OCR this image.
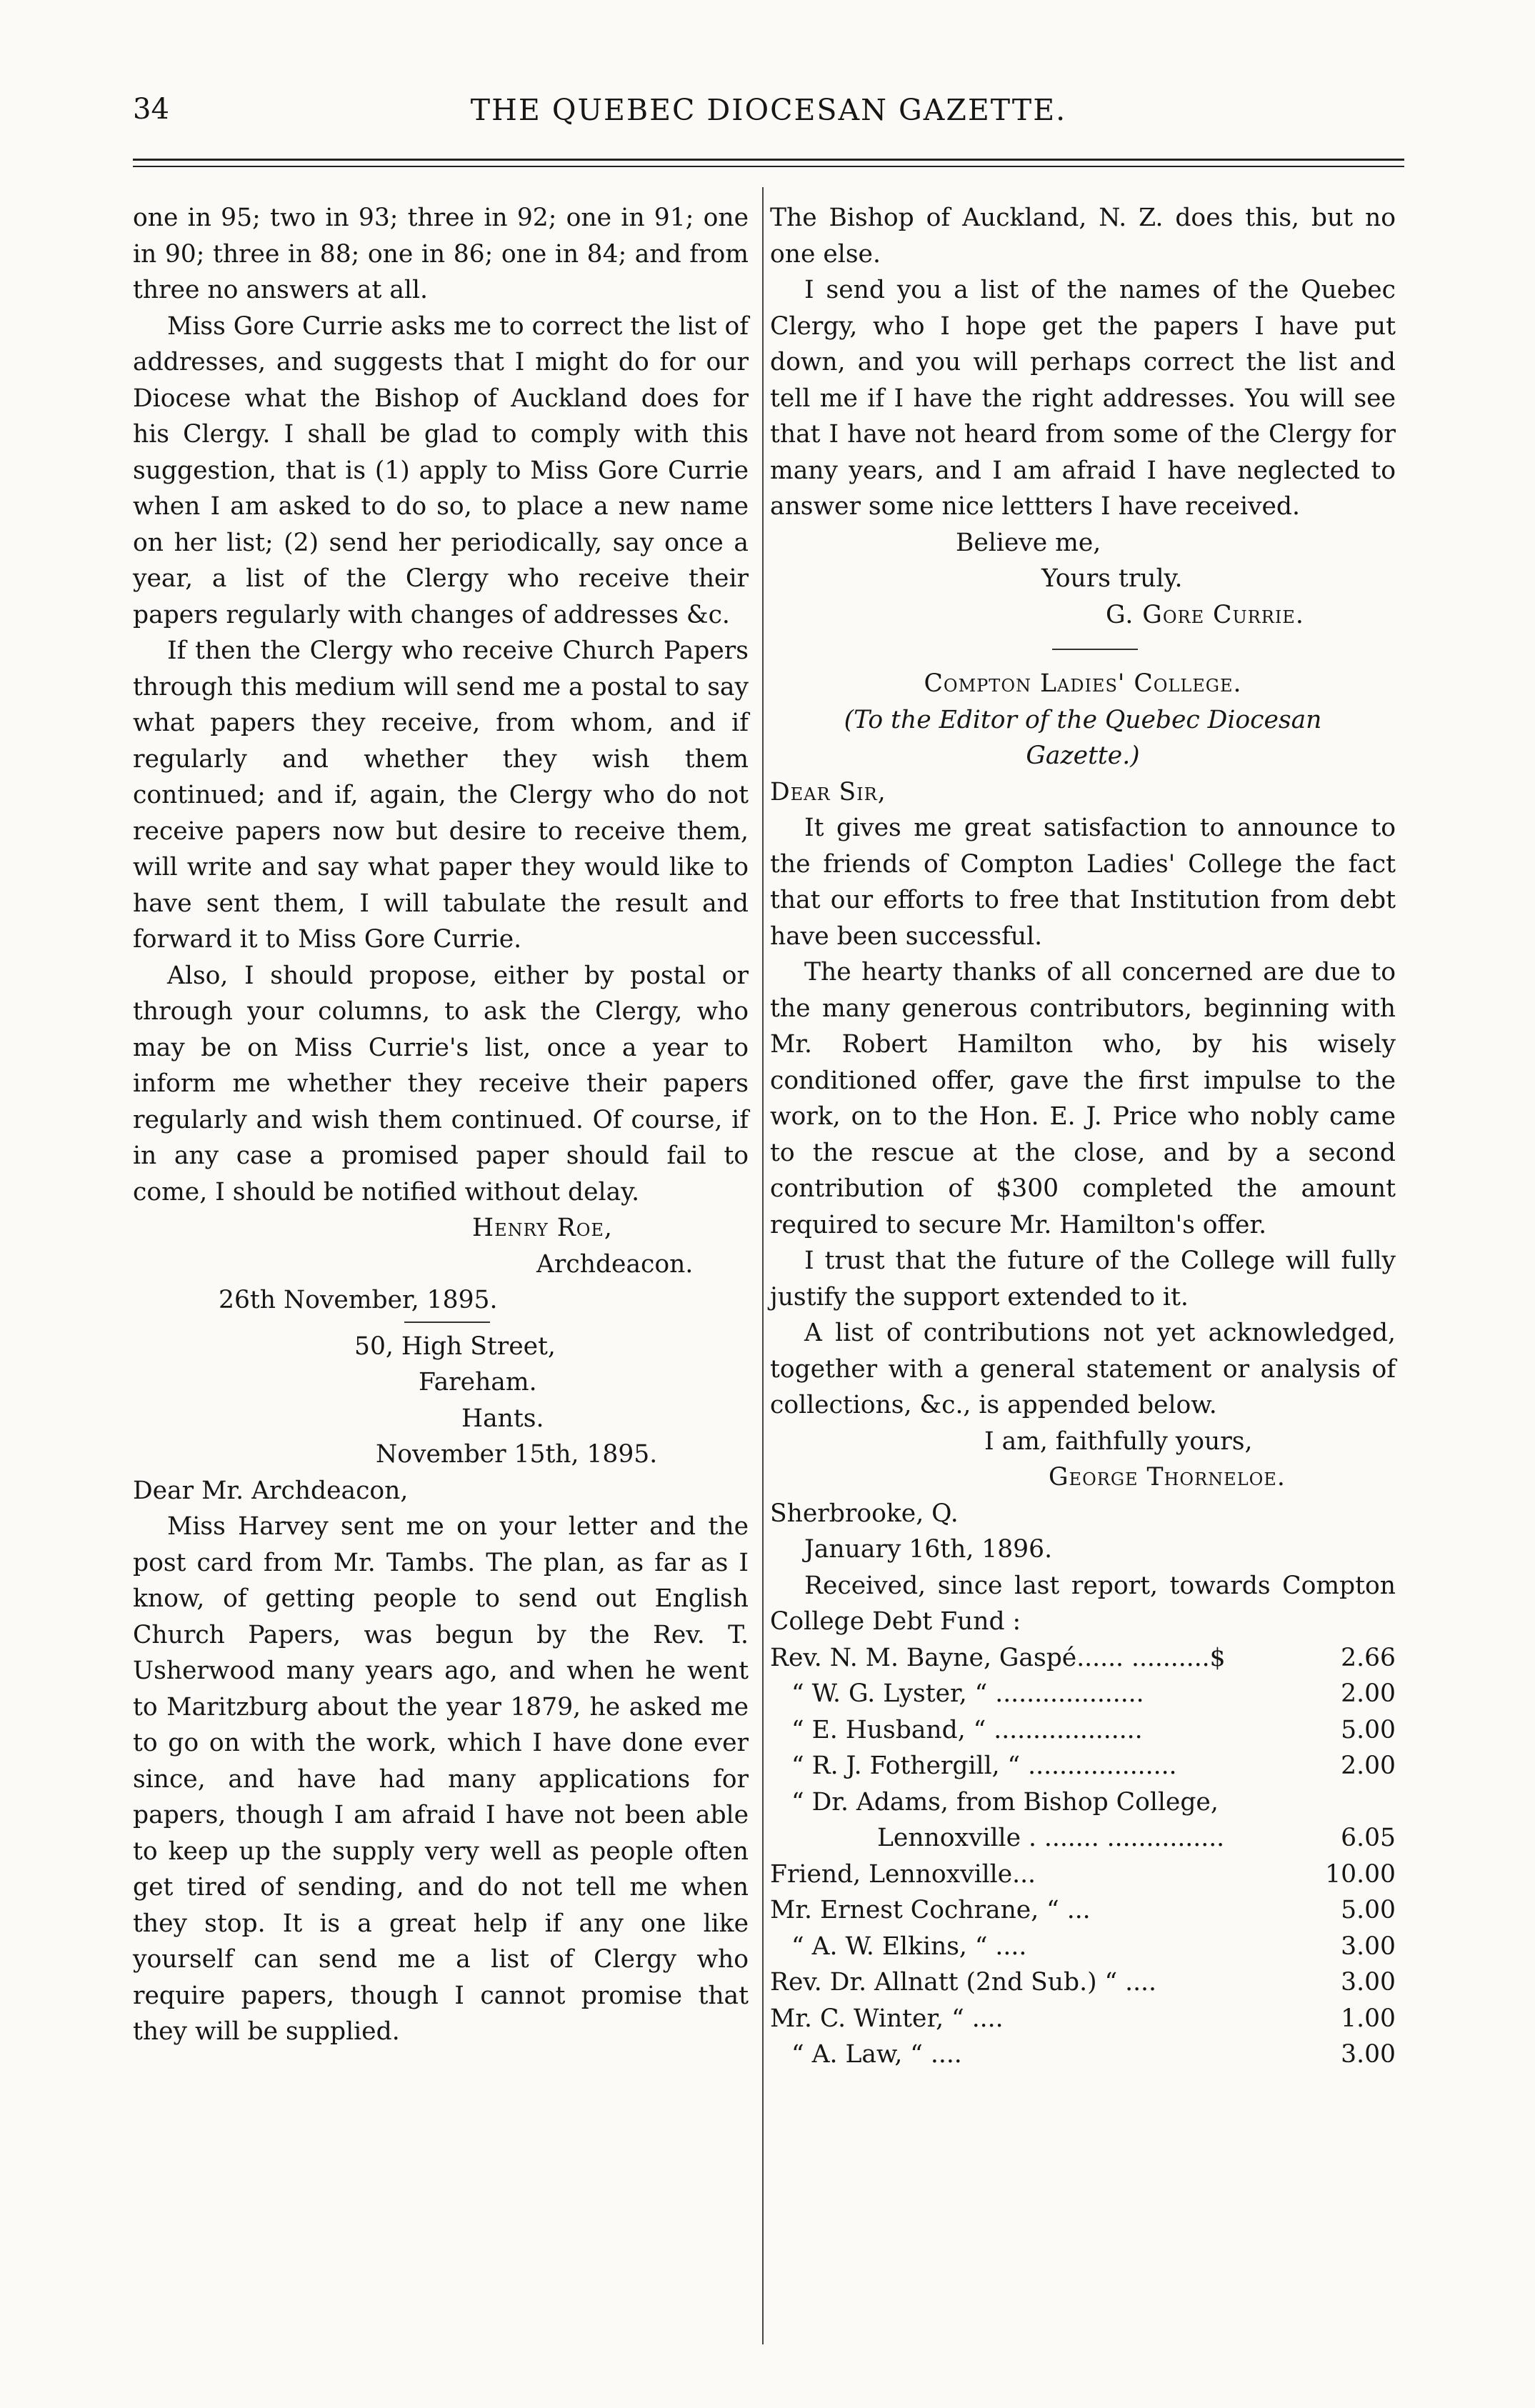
34	THE QUEBEC DIOCESAN GAZETTE.

one in 95; two in 93; three in 92; one in 91; one in 90; three in 88; one in 86; one in 84; and from three no answers at all.

Miss Gore Currie asks me to correct the list of addresses, and suggests that I might do for our Diocese what the Bishop of Auckland does for his Clergy. I shall be glad to comply with this suggestion, that is (1) apply to Miss Gore Currie when I am asked to do so, to place a new name on her list; (2) send her periodically, say once a year, a list of the Clergy who receive their papers regularly with changes of addresses &c.

If then the Clergy who receive Church Papers through this medium will send me a postal to say what papers they receive, from whom, and if regularly and whether they wish them continued; and if, again, the Clergy who do not receive papers now but desire to receive them, will write and say what paper they would like to have sent them, I will tabulate the result and forward it to Miss Gore Currie.

Also, I should propose, either by postal or through your columns, to ask the Clergy, who may be on Miss Currie's list, once a year to inform me whether they receive their papers regularly and wish them continued. Of course, if in any case a promised paper should fail to come, I should be notified without delay.

Henry Roe,

Archdeacon.

26th November, 1895.

50, High Street,

Fareham.

Hants.

November 15th, 1895.

Dear Mr. Archdeacon,

Miss Harvey sent me on your letter and the post card from Mr. Tambs. The plan, as far as I know, of getting people to send out English Church Papers, was begun by the Rev. T. Usherwood many years ago, and when he went to Maritzburg about the year 1879, he asked me to go on with the work, which I have done ever since, and have had many applications for papers, though I am afraid I have not been able to keep up the supply very well as people often get tired of sending, and do not tell me when they stop. It is a great help if any one like yourself can send me a list of Clergy who require papers, though I cannot promise that they will be supplied.

The Bishop of Auckland, N. Z. does this, but no one else.

I send you a list of the names of the Quebec Clergy, who I hope get the papers I have put down, and you will perhaps correct the list and tell me if I have the right addresses. You will see that I have not heard from some of the Clergy for many years, and I am afraid I have neglected to answer some nice lettters I have received.

Believe me,

Yours truly.

G. Gore Currie.

Compton Ladies' College.

(To the Editor of the Quebec Diocesan Gazette.)

Dear Sir,

It gives me great satisfaction to announce to the friends of Compton Ladies' College the fact that our efforts to free that Institution from debt have been successful.

The hearty thanks of all concerned are due to the many generous contributors, beginning with Mr. Robert Hamilton who, by his wisely conditioned offer, gave the first impulse to the work, on to the Hon. E. J. Price who nobly came to the rescue at the close, and by a second contribution of $300 completed the amount required to secure Mr. Hamilton's offer.

I trust that the future of the College will fully justify the support extended to it.

A list of contributions not yet acknowledged, together with a general statement or analysis of collections, &c., is appended below.

I am, faithfully yours,

George Thorneloe.

Sherbrooke, Q.

January 16th, 1896.

Received, since last report, towards Compton College Debt Fund :

Rev. N. M. Bayne, Gaspé...... ..........$	2.66
“ W. G. Lyster, “ ...................	2.00
“ E. Husband, “ ...................	5.00
“ R. J. Fothergill, “ ...................	2.00
“ Dr. Adams, from Bishop College,	
Lennoxville . ....... ...............	6.05
Friend, Lennoxville...	10.00
Mr. Ernest Cochrane, “ ...	5.00
“ A. W. Elkins, “ ....	3.00
Rev. Dr. Allnatt (2nd Sub.) “ ....	3.00
Mr. C. Winter, “ ....	1.00
“ A. Law, “ ....	3.00
